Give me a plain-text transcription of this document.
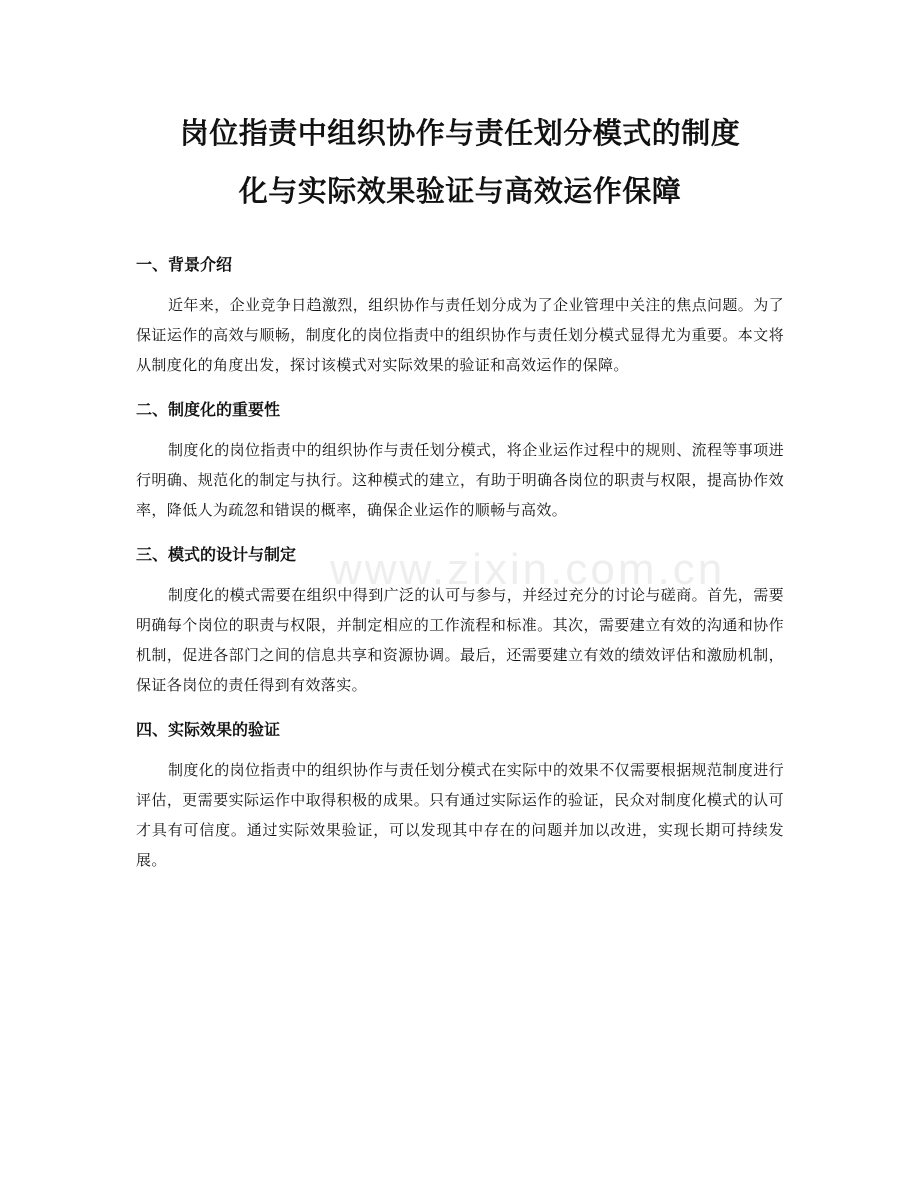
www.zixin.com.cn
岗位指责中组织协作与责任划分模式的制度
化与实际效果验证与高效运作保障
一、背景介绍

近年来，企业竞争日趋激烈，组织协作与责任划分成为了企业管理中关注的焦点问题。为了保证运作的高效与顺畅，制度化的岗位指责中的组织协作与责任划分模式显得尤为重要。本文将从制度化的角度出发，探讨该模式对实际效果的验证和高效运作的保障。

二、制度化的重要性

制度化的岗位指责中的组织协作与责任划分模式，将企业运作过程中的规则、流程等事项进行明确、规范化的制定与执行。这种模式的建立，有助于明确各岗位的职责与权限，提高协作效率，降低人为疏忽和错误的概率，确保企业运作的顺畅与高效。

三、模式的设计与制定

制度化的模式需要在组织中得到广泛的认可与参与，并经过充分的讨论与磋商。首先，需要明确每个岗位的职责与权限，并制定相应的工作流程和标准。其次，需要建立有效的沟通和协作机制，促进各部门之间的信息共享和资源协调。最后，还需要建立有效的绩效评估和激励机制，保证各岗位的责任得到有效落实。

四、实际效果的验证

制度化的岗位指责中的组织协作与责任划分模式在实际中的效果不仅需要根据规范制度进行评估，更需要实际运作中取得积极的成果。只有通过实际运作的验证，民众对制度化模式的认可才具有可信度。通过实际效果验证，可以发现其中存在的问题并加以改进，实现长期可持续发展。
